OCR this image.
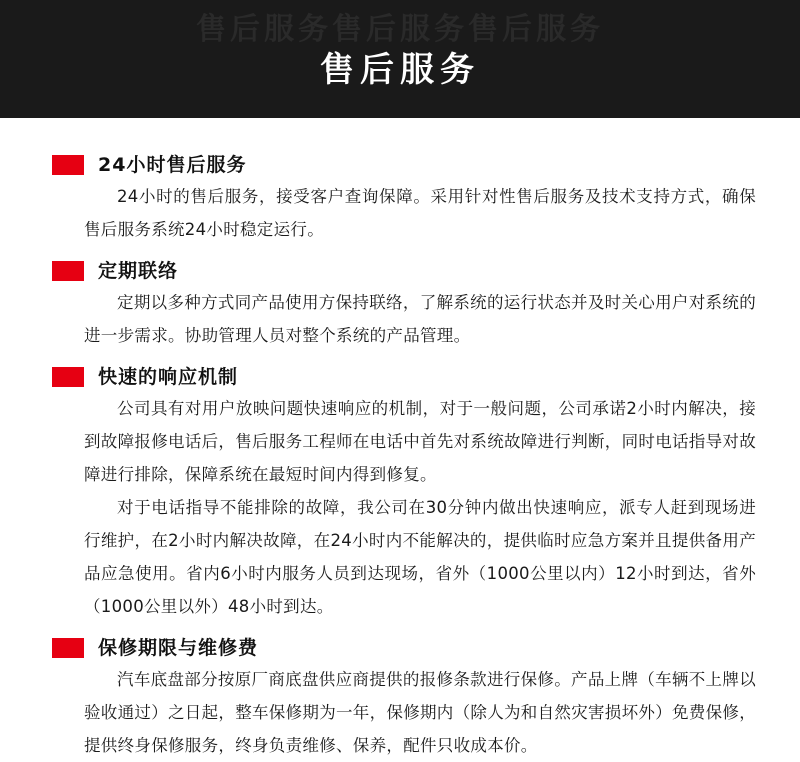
售后服务售后服务售后服务
售后服务
24小时售后服务

24小时的售后服务，接受客户查询保障。采用针对性售后服务及技术支持方式，确保售后服务系统24小时稳定运行。

定期联络

定期以多种方式同产品使用方保持联络，了解系统的运行状态并及时关心用户对系统的进一步需求。协助管理人员对整个系统的产品管理。

快速的响应机制

公司具有对用户放映问题快速响应的机制，对于一般问题，公司承诺2小时内解决，接到故障报修电话后，售后服务工程师在电话中首先对系统故障进行判断，同时电话指导对故障进行排除，保障系统在最短时间内得到修复。

对于电话指导不能排除的故障，我公司在30分钟内做出快速响应，派专人赶到现场进行维护，在2小时内解决故障，在24小时内不能解决的，提供临时应急方案并且提供备用产品应急使用。省内6小时内服务人员到达现场，省外（1000公里以内）12小时到达，省外（1000公里以外）48小时到达。

保修期限与维修费

汽车底盘部分按原厂商底盘供应商提供的报修条款进行保修。产品上牌（车辆不上牌以验收通过）之日起，整车保修期为一年，保修期内（除人为和自然灾害损坏外）免费保修，提供终身保修服务，终身负责维修、保养，配件只收成本价。
